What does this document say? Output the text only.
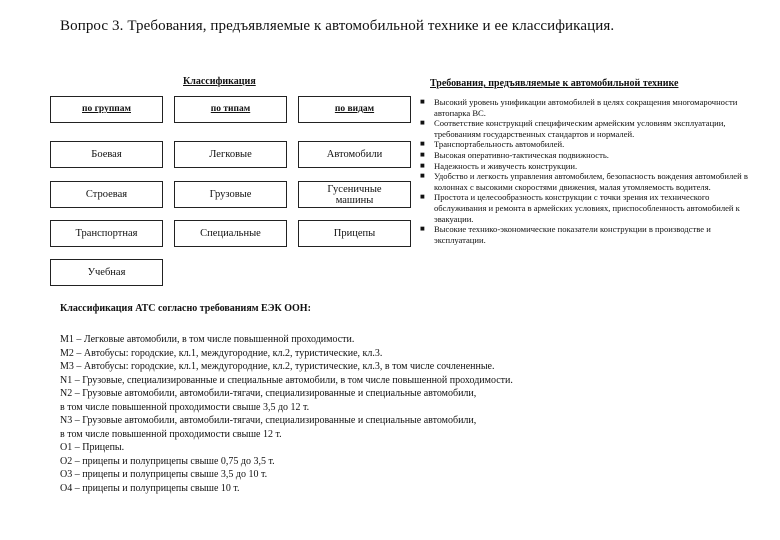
Вопрос 3. Требования, предъявляемые к автомобильной технике и ее классификация.
Классификация
по группам	по типам	по видам
Боевая
Строевая
Транспортная
Учебная
Легковые
Грузовые
Специальные
Автомобили
Гусеничные машины
Прицепы
Требования, предъявляемые к автомобильной технике
■ Высокий уровень унификации автомобилей в целях сокращения многомарочности автопарка ВС.
■ Соответствие конструкций специфическим армейским условиям эксплуатации, требованиям государственных стандартов и нормалей.
■ Транспортабельность автомобилей.
■ Высокая оперативно-тактическая подвижность.
■ Надежность и живучесть конструкции.
■ Удобство и легкость управления автомобилем, безопасность вождения автомобилей в колоннах с высокими скоростями движения, малая утомляемость водителя.
■ Простота и целесообразность конструкции с точки зрения их технического обслуживания и ремонта в армейских условиях, приспособленность автомобилей к эвакуации.
■ Высокие технико-экономические показатели конструкции в производстве и эксплуатации.
Классификация АТС согласно требованиям ЕЭК ООН:
М1 – Легковые автомобили, в том числе повышенной проходимости.
М2 – Автобусы: городские, кл.1, междугородние, кл.2, туристические, кл.3.
М3 – Автобусы: городские, кл.1, междугородние, кл.2, туристические, кл.3, в том числе сочлененные.
N1 – Грузовые, специализированные и специальные автомобили, в том числе повышенной проходимости.
N2 – Грузовые автомобили, автомобили-тягачи, специализированные и специальные автомобили,
в том числе повышенной проходимости свыше 3,5 до 12 т.
N3 – Грузовые автомобили, автомобили-тягачи, специализированные и специальные автомобили,
в том числе повышенной проходимости свыше 12 т.
О1 – Прицепы.
О2 – прицепы и полуприцепы свыше 0,75 до 3,5 т.
О3 – прицепы и полуприцепы свыше 3,5 до 10 т.
О4 – прицепы и полуприцепы свыше 10 т.
